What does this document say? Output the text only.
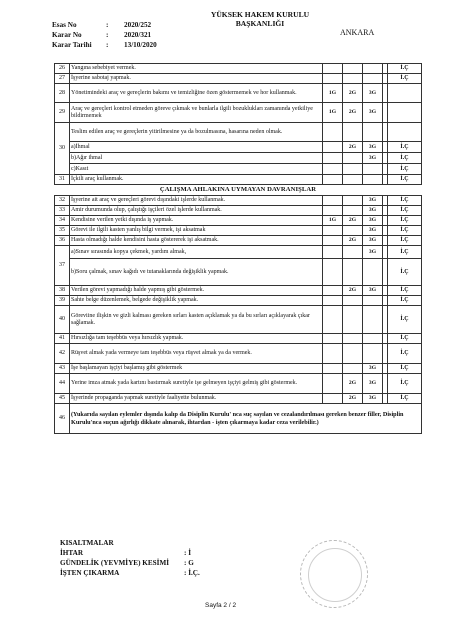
Esas No	: 2020/252
Karar No	: 2020/321
Karar Tarihi : 13/10/2020
YÜKSEK HAKEM KURULU
BAŞKANLIĞI
ANKARA
26	Yangına sebebiyet vermek.					İ.Ç
27	İşyerine sabotaj yapmak.					İ.Ç
28	Yönetimindeki araç ve gereçlerin bakımı ve temizliğine özen göstermemek ve hor kullanmak.	1G	2G	3G		
29	Araç ve gereçleri kontrol etmeden göreve çıkmak ve bunlarla ilgili bozuklukları zamanında yetkiliye bildirmemek	1G	2G	3G		
30	Teslim edilen araç ve gereçlerin yitirilmesine ya da bozulmasına, hasarına neden olmak.					
	a)İhmal		2G	3G		İ.Ç
	b)Ağır ihmal			3G		İ.Ç
	c)Kasıt					İ.Ç
31	İçkili araç kullanmak.					İ.Ç
ÇALIŞMA AHLAKINA UYMAYAN DAVRANIŞLAR						
32	İşyerine ait araç ve gereçleri görevi dışındaki işlerde kullanmak.			3G		İ.Ç
33	Amir durumunda olup, çalıştığı işçileri özel işlerde kullanmak.			3G		İ.Ç
34	Kendisine verilen yetki dışında iş yapmak.	1G	2G	3G		İ.Ç
35	Görevi ile ilgili kasten yanlış bilgi vermek, işi aksatmak			3G		İ.Ç
36	Hasta olmadığı halde kendisini hasta göstererek işi aksatmak.		2G	3G		İ.Ç
37	a)Sınav sırasında kopya çekmek, yardım almak,			3G		İ.Ç
	b)Soru çalmak, sınav kağıdı ve tutanaklarında değişiklik yapmak.					İ.Ç
38	Verilen görevi yapmadığı halde yapmış gibi göstermek.		2G	3G		İ.Ç
39	Sahte belge düzenlemek, belgede değişiklik yapmak.					İ.Ç
40	Göreviine ilişkin ve gizli kalması gereken sırları kasten açıklamak ya da bu sırları açıklayarak çıkar sağlamak.					İ.Ç
41	Hırsızlığa tam teşebbüs veya hırsızlık yapmak.					İ.Ç
42	Rüşvet almak yada vermeye tam teşebbüs veya rüşvet almak ya da vermek.					İ.Ç
43	İşe başlamayan işçiyi başlamış gibi göstermek			3G		İ.Ç
44	Yerine imza atmak yada kartını bastırmak suretiyle işe gelmeyen işçiyi gelmiş gibi göstermek.		2G	3G		İ.Ç
45	İşyerinde propaganda yapmak suretiyle faaliyette bulunmak.		2G	3G		İ.Ç
46	(Yukarıda sayılan eylemler dışında kalıp da Disiplin Kurulu' nca suç sayılan ve cezalandırılması gereken benzer filler, Disiplin Kurulu'nca suçun ağırlığı dikkate alınarak, ihtardan - işten çıkarmaya kadar ceza verilebilir.)					
KISALTMALAR
İHTAR	: İ
GÜNDELİK (YEVMİYE) KESİMİ : G
İŞTEN ÇIKARMA	: İ.Ç.
Sayfa 2 / 2
